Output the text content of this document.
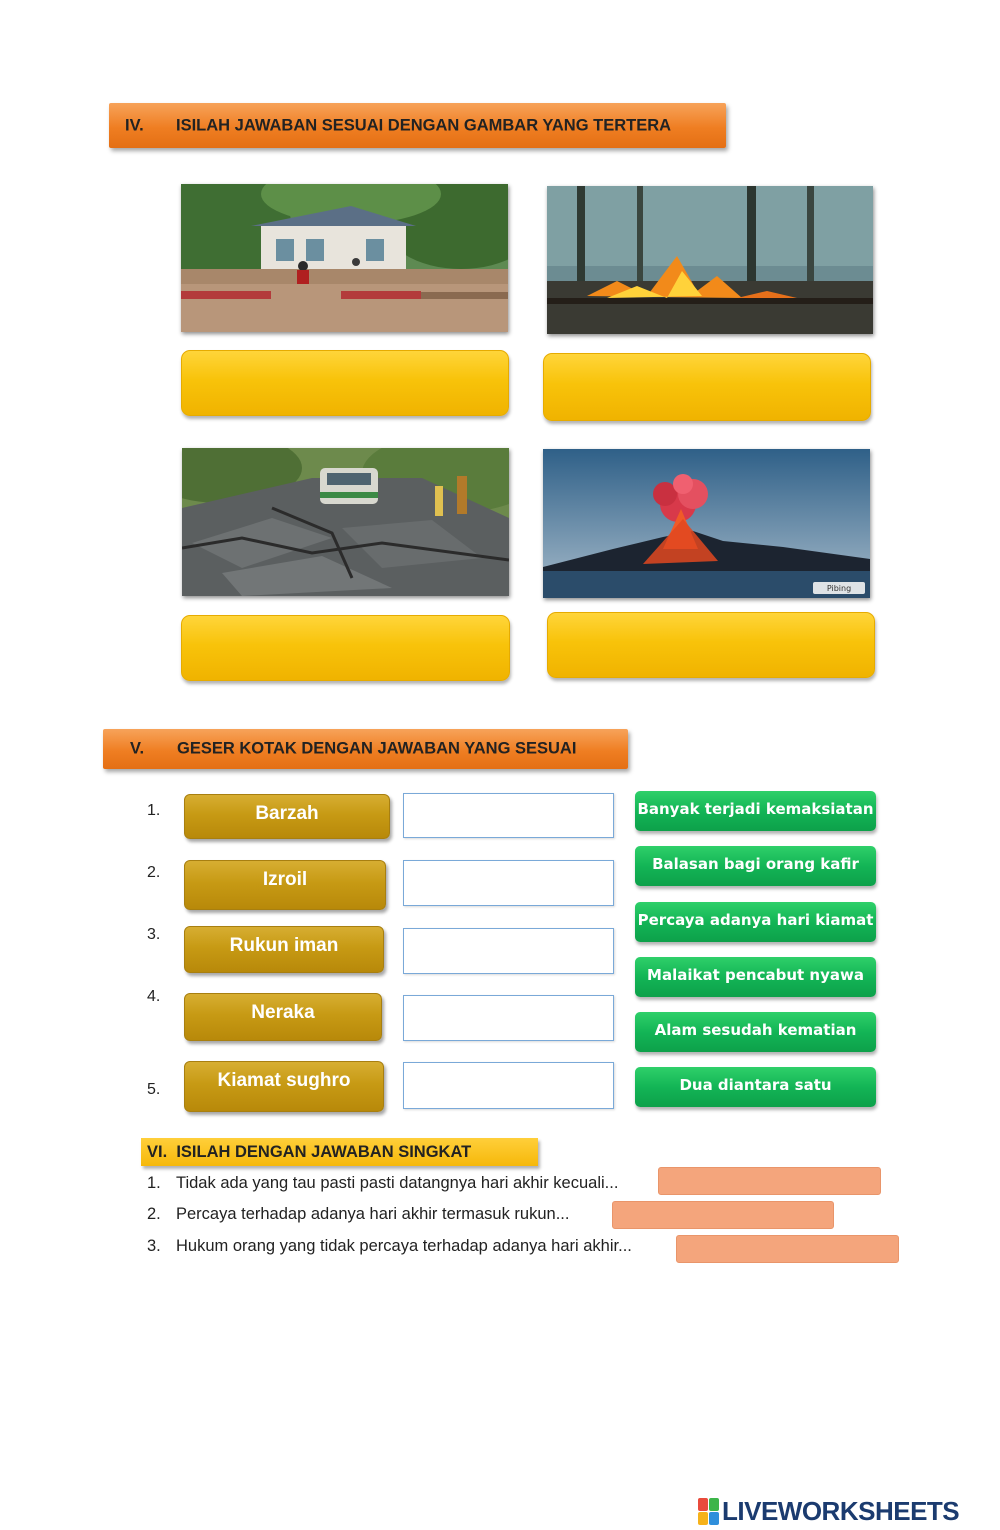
IV. ISILAH JAWABAN SESUAI DENGAN GAMBAR YANG TERTERA
Pibing
V. GESER KOTAK DENGAN JAWABAN YANG SESUAI
1.
2.
3.
4.
5.
Barzah
Izroil
Rukun iman
Neraka
Kiamat sughro
Banyak terjadi kemaksiatan
Balasan bagi orang kafir
Percaya adanya hari kiamat
Malaikat pencabut nyawa
Alam sesudah kematian
Dua diantara satu
VI.  ISILAH DENGAN JAWABAN SINGKAT
1. Tidak ada yang tau pasti pasti datangnya hari akhir kecuali...
2. Percaya terhadap adanya hari akhir termasuk rukun...
3. Hukum orang yang tidak percaya terhadap adanya hari akhir...
LIVEWORKSHEETS
